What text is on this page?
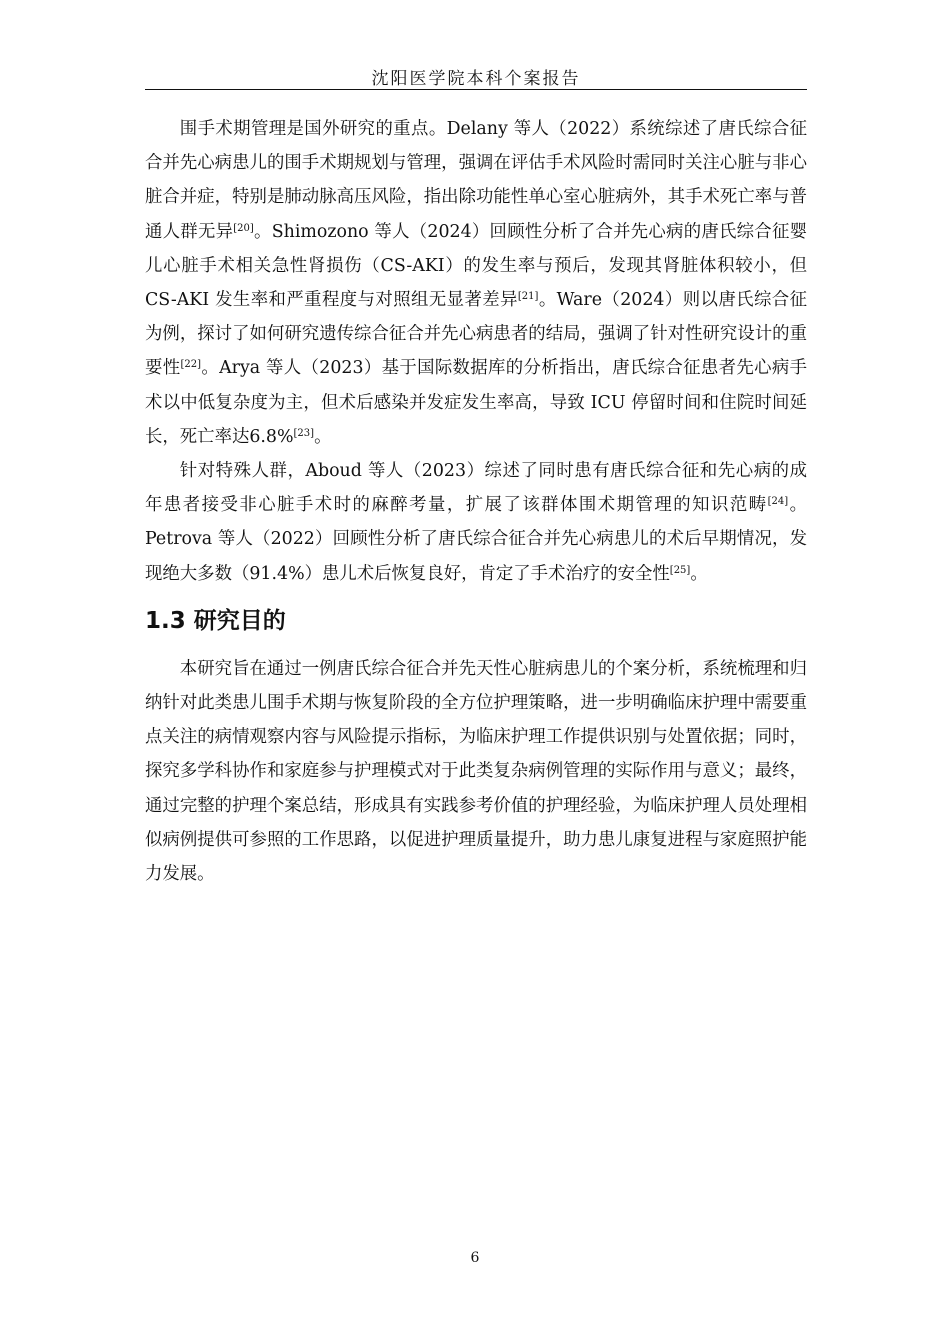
沈阳医学院本科个案报告

围手术期管理是国外研究的重点。Delany 等人（2022）系统综述了唐氏综合征合并先心病患儿的围手术期规划与管理，强调在评估手术风险时需同时关注心脏与非心脏合并症，特别是肺动脉高压风险，指出除功能性单心室心脏病外，其手术死亡率与普通人群无异[20]。Shimozono 等人（2024）回顾性分析了合并先心病的唐氏综合征婴儿心脏手术相关急性肾损伤（CS-AKI）的发生率与预后，发现其肾脏体积较小，但 CS-AKI 发生率和严重程度与对照组无显著差异[21]。Ware（2024）则以唐氏综合征为例，探讨了如何研究遗传综合征合并先心病患者的结局，强调了针对性研究设计的重要性[22]。Arya 等人（2023）基于国际数据库的分析指出，唐氏综合征患者先心病手术以中低复杂度为主，但术后感染并发症发生率高，导致 ICU 停留时间和住院时间延长，死亡率达6.8%[23]。

针对特殊人群，Aboud 等人（2023）综述了同时患有唐氏综合征和先心病的成年患者接受非心脏手术时的麻醉考量，扩展了该群体围术期管理的知识范畴[24]。Petrova 等人（2022）回顾性分析了唐氏综合征合并先心病患儿的术后早期情况，发现绝大多数（91.4%）患儿术后恢复良好，肯定了手术治疗的安全性[25]。

1.3 研究目的

本研究旨在通过一例唐氏综合征合并先天性心脏病患儿的个案分析，系统梳理和归纳针对此类患儿围手术期与恢复阶段的全方位护理策略，进一步明确临床护理中需要重点关注的病情观察内容与风险提示指标，为临床护理工作提供识别与处置依据；同时，探究多学科协作和家庭参与护理模式对于此类复杂病例管理的实际作用与意义；最终，通过完整的护理个案总结，形成具有实践参考价值的护理经验，为临床护理人员处理相似病例提供可参照的工作思路，以促进护理质量提升，助力患儿康复进程与家庭照护能力发展。

6
